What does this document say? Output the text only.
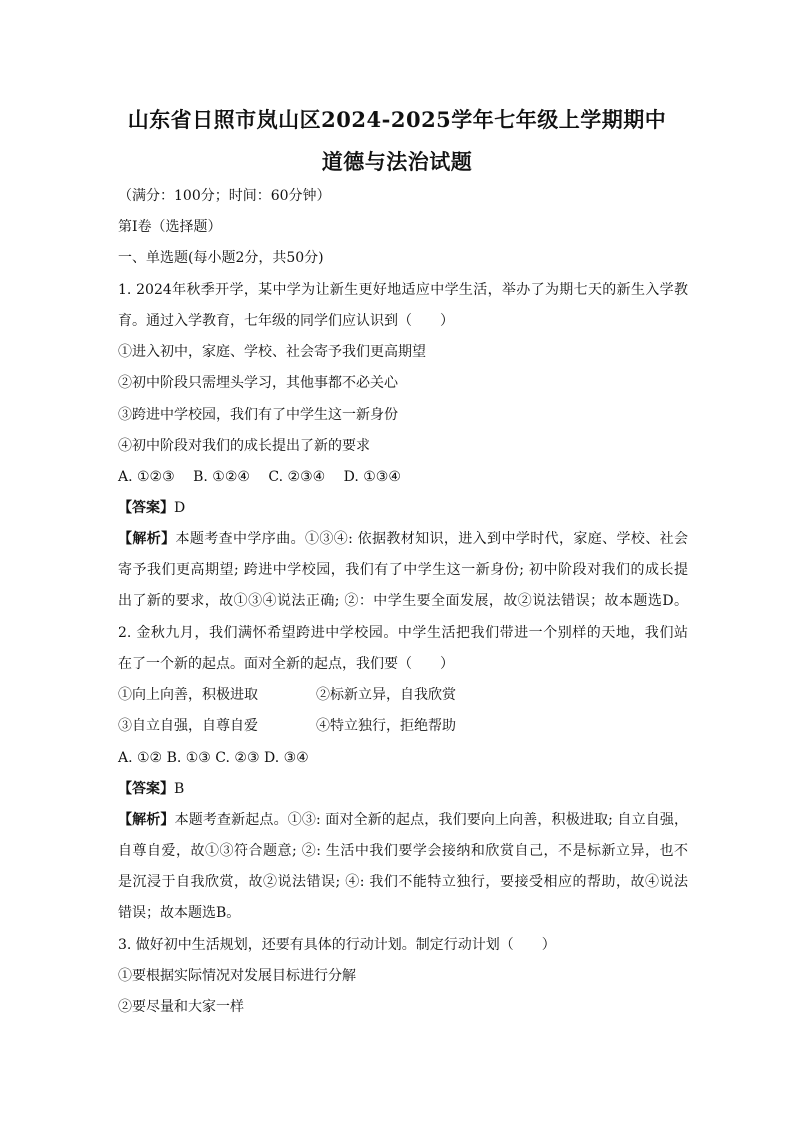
山东省日照市岚山区2024-2025学年七年级上学期期中
道德与法治试题
（满分：100分；时间：60分钟）
第Ⅰ卷（选择题）
一、单选题(每小题2分，共50分)
1. 2024年秋季开学，某中学为让新生更好地适应中学生活，举办了为期七天的新生入学教
育。通过入学教育，七年级的同学们应认识到（　　）
①进入初中，家庭、学校、社会寄予我们更高期望
②初中阶段只需埋头学习，其他事都不必关心
③跨进中学校园，我们有了中学生这一新身份
④初中阶段对我们的成长提出了新的要求
A. ①②③　 B. ①②④　 C. ②③④　 D. ①③④
【答案】D
【解析】本题考查中学序曲。①③④: 依据教材知识，进入到中学时代，家庭、学校、社会
寄予我们更高期望; 跨进中学校园，我们有了中学生这一新身份; 初中阶段对我们的成长提
出了新的要求，故①③④说法正确; ②：中学生要全面发展，故②说法错误；故本题选D。
2. 金秋九月，我们满怀希望跨进中学校园。中学生活把我们带进一个别样的天地，我们站
在了一个新的起点。面对全新的起点，我们要（　　）
①向上向善，积极进取	②标新立异，自我欣赏
③自立自强，自尊自爱	④特立独行，拒绝帮助
A. ①② B. ①③ C. ②③ D. ③④
【答案】B
【解析】本题考查新起点。①③: 面对全新的起点，我们要向上向善，积极进取; 自立自强，
自尊自爱，故①③符合题意; ②: 生活中我们要学会接纳和欣赏自己，不是标新立异，也不
是沉浸于自我欣赏，故②说法错误; ④: 我们不能特立独行，要接受相应的帮助，故④说法
错误；故本题选B。
3. 做好初中生活规划，还要有具体的行动计划。制定行动计划（　　）
①要根据实际情况对发展目标进行分解
②要尽量和大家一样
